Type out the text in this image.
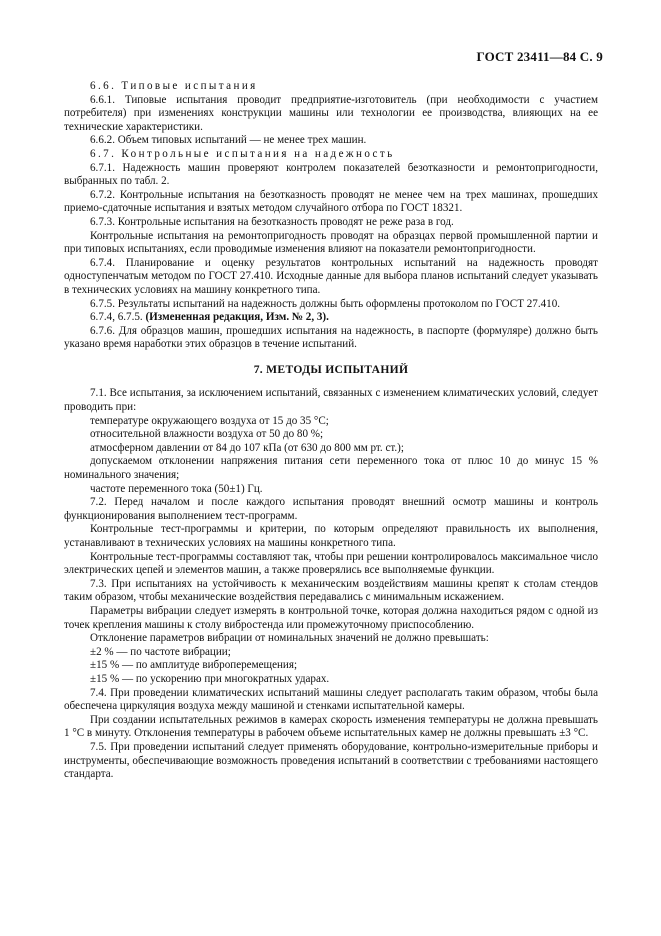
ГОСТ 23411—84 С. 9

6.6. Типовые испытания

6.6.1. Типовые испытания проводит предприятие-изготовитель (при необходимости с участием потребителя) при изменениях конструкции машины или технологии ее производства, влияющих на ее технические характеристики.

6.6.2. Объем типовых испытаний — не менее трех машин.

6.7. Контрольные испытания на надежность

6.7.1. Надежность машин проверяют контролем показателей безотказности и ремонтопригодности, выбранных по табл. 2.

6.7.2. Контрольные испытания на безотказность проводят не менее чем на трех машинах, прошедших приемо-сдаточные испытания и взятых методом случайного отбора по ГОСТ 18321.

6.7.3. Контрольные испытания на безотказность проводят не реже раза в год.

Контрольные испытания на ремонтопригодность проводят на образцах первой промышленной партии и при типовых испытаниях, если проводимые изменения влияют на показатели ремонтопригодности.

6.7.4. Планирование и оценку результатов контрольных испытаний на надежность проводят одноступенчатым методом по ГОСТ 27.410. Исходные данные для выбора планов испытаний следует указывать в технических условиях на машину конкретного типа.

6.7.5. Результаты испытаний на надежность должны быть оформлены протоколом по ГОСТ 27.410.

6.7.4, 6.7.5. (Измененная редакция, Изм. № 2, 3).

6.7.6. Для образцов машин, прошедших испытания на надежность, в паспорте (формуляре) должно быть указано время наработки этих образцов в течение испытаний.

7. МЕТОДЫ ИСПЫТАНИЙ

7.1. Все испытания, за исключением испытаний, связанных с изменением климатических условий, следует проводить при:

температуре окружающего воздуха от 15 до 35 °С;

относительной влажности воздуха от 50 до 80 %;

атмосферном давлении от 84 до 107 кПа (от 630 до 800 мм рт. ст.);

допускаемом отклонении напряжения питания сети переменного тока от плюс 10 до минус 15 % номинального значения;

частоте переменного тока (50±1) Гц.

7.2. Перед началом и после каждого испытания проводят внешний осмотр машины и контроль функционирования выполнением тест-программ.

Контрольные тест-программы и критерии, по которым определяют правильность их выполнения, устанавливают в технических условиях на машины конкретного типа.

Контрольные тест-программы составляют так, чтобы при решении контролировалось максимальное число электрических цепей и элементов машин, а также проверялись все выполняемые функции.

7.3. При испытаниях на устойчивость к механическим воздействиям машины крепят к столам стендов таким образом, чтобы механические воздействия передавались с минимальным искажением.

Параметры вибрации следует измерять в контрольной точке, которая должна находиться рядом с одной из точек крепления машины к столу вибростенда или промежуточному приспособлению.

Отклонение параметров вибрации от номинальных значений не должно превышать:

±2 % — по частоте вибрации;

±15 % — по амплитуде виброперемещения;

±15 % — по ускорению при многократных ударах.

7.4. При проведении климатических испытаний машины следует располагать таким образом, чтобы была обеспечена циркуляция воздуха между машиной и стенками испытательной камеры.

При создании испытательных режимов в камерах скорость изменения температуры не должна превышать 1 °С в минуту. Отклонения температуры в рабочем объеме испытательных камер не должны превышать ±3 °С.

7.5. При проведении испытаний следует применять оборудование, контрольно-измерительные приборы и инструменты, обеспечивающие возможность проведения испытаний в соответствии с требованиями настоящего стандарта.
